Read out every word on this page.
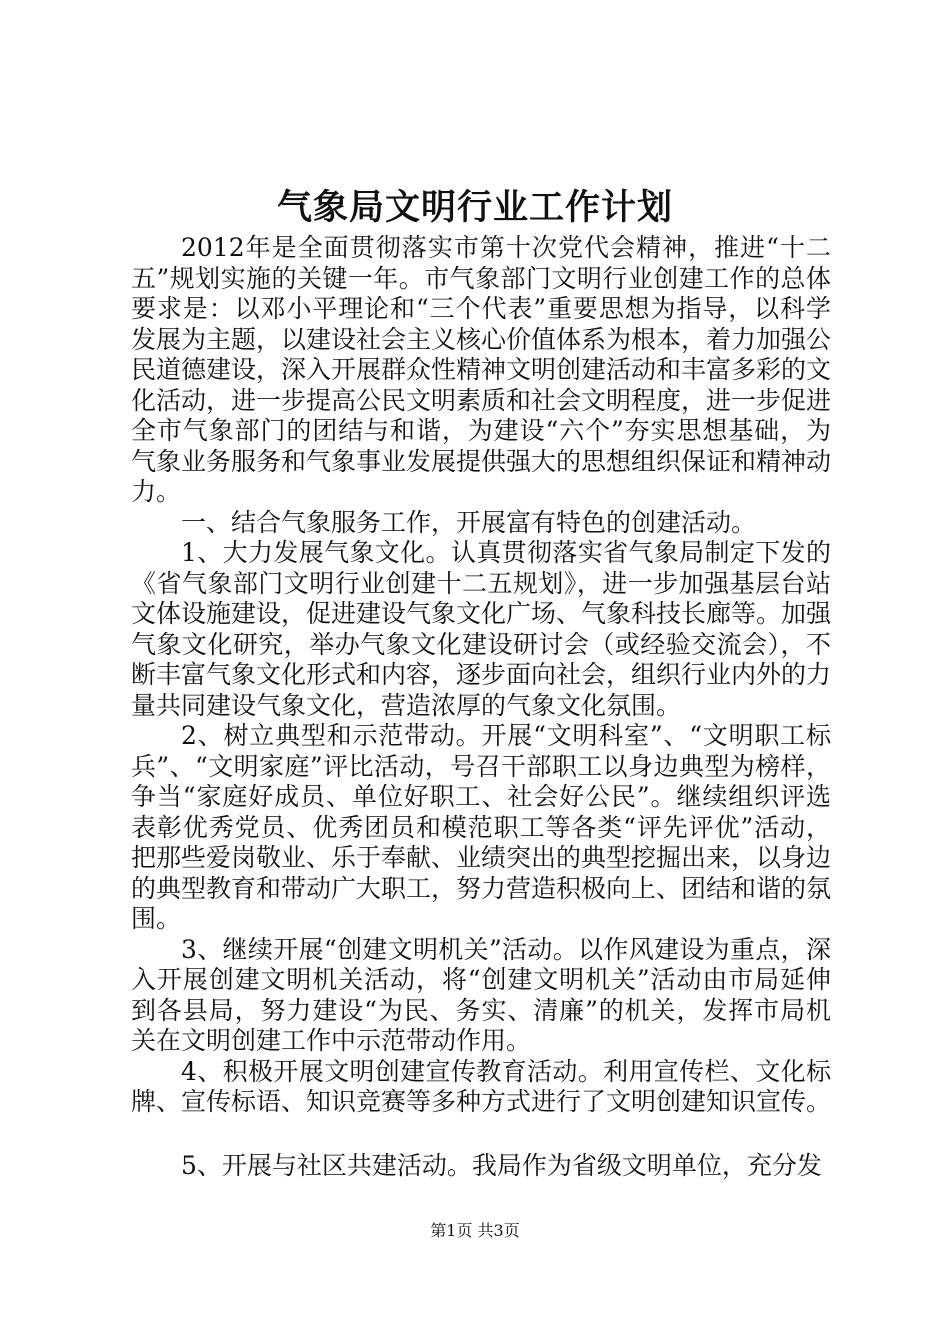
气象局文明行业工作计划

2012年是全面贯彻落实市第十次党代会精神，推进“十二五”规划实施的关键一年。市气象部门文明行业创建工作的总体要求是：以邓小平理论和“三个代表”重要思想为指导，以科学发展为主题，以建设社会主义核心价值体系为根本，着力加强公民道德建设，深入开展群众性精神文明创建活动和丰富多彩的文化活动，进一步提高公民文明素质和社会文明程度，进一步促进全市气象部门的团结与和谐，为建设“六个”夯实思想基础，为气象业务服务和气象事业发展提供强大的思想组织保证和精神动力。

一、结合气象服务工作，开展富有特色的创建活动。

1、大力发展气象文化。认真贯彻落实省气象局制定下发的《省气象部门文明行业创建十二五规划》，进一步加强基层台站文体设施建设，促进建设气象文化广场、气象科技长廊等。加强气象文化研究，举办气象文化建设研讨会（或经验交流会），不断丰富气象文化形式和内容，逐步面向社会，组织行业内外的力量共同建设气象文化，营造浓厚的气象文化氛围。

2、树立典型和示范带动。开展“文明科室”、“文明职工标兵”、“文明家庭”评比活动，号召干部职工以身边典型为榜样，争当“家庭好成员、单位好职工、社会好公民”。继续组织评选表彰优秀党员、优秀团员和模范职工等各类“评先评优”活动，把那些爱岗敬业、乐于奉献、业绩突出的典型挖掘出来，以身边的典型教育和带动广大职工，努力营造积极向上、团结和谐的氛围。

3、继续开展“创建文明机关”活动。以作风建设为重点，深入开展创建文明机关活动，将“创建文明机关”活动由市局延伸到各县局，努力建设“为民、务实、清廉”的机关，发挥市局机关在文明创建工作中示范带动作用。

4、积极开展文明创建宣传教育活动。利用宣传栏、文化标牌、宣传标语、知识竞赛等多种方式进行了文明创建知识宣传。

5、开展与社区共建活动。我局作为省级文明单位，充分发

第1页 共3页
